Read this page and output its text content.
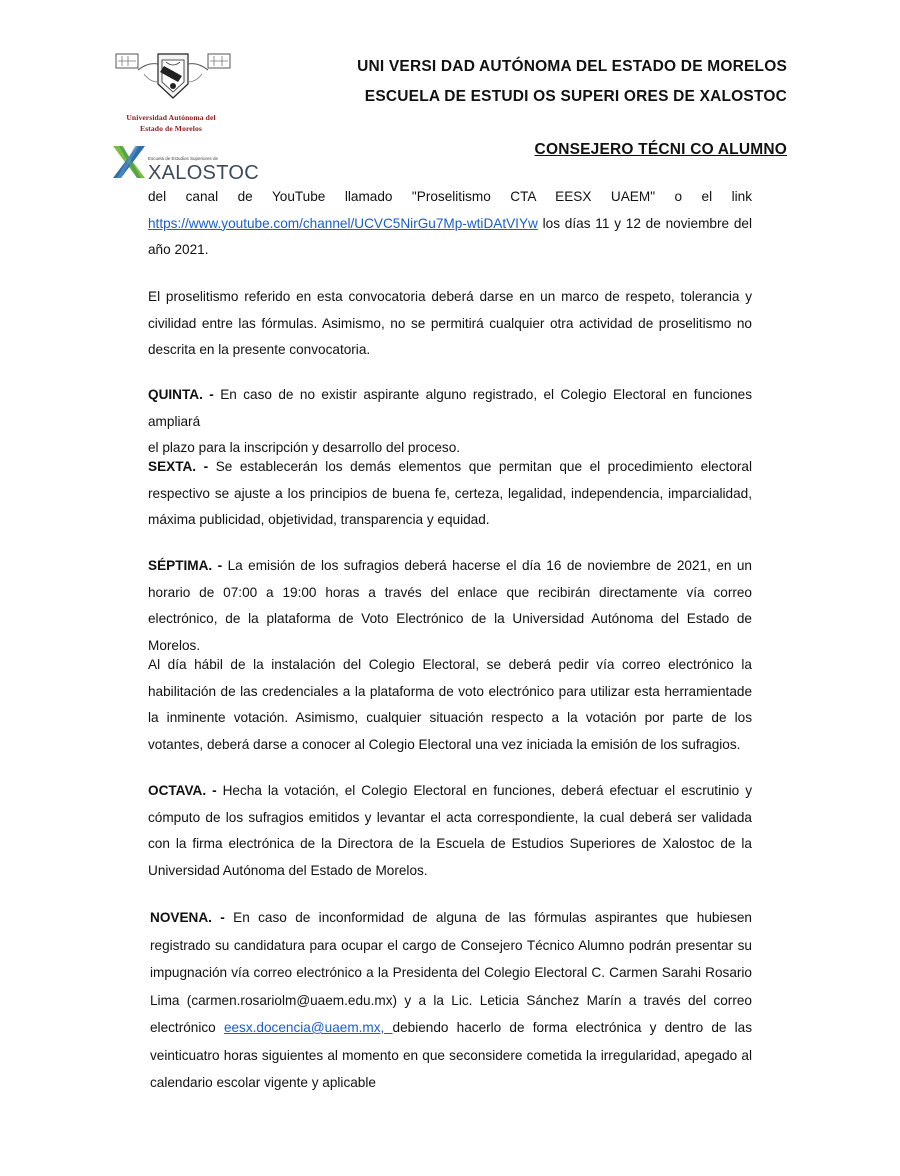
Universidad Autónoma del
Estado de Morelos
Escuela de Estudios Superiores de
XALOSTOC
UNI VERSI DAD AUTÓNOMA DEL ESTADO DE MORELOS
ESCUELA DE ESTUDI OS SUPERI ORES DE XALOSTOC
CONSEJERO TÉCNI CO ALUMNO

del canal de YouTube llamado "Proselitismo CTA EESX UAEM" o el link

https://www.youtube.com/channel/UCVC5NirGu7Mp-wtiDAtVIYw los días 11 y 12 de noviembre del

año 2021.

El proselitismo referido en esta convocatoria deberá darse en un marco de respeto, tolerancia y civilidad entre las fórmulas. Asimismo, no se permitirá cualquier otra actividad de proselitismo no descrita en la presente convocatoria.

QUINTA. - En caso de no existir aspirante alguno registrado, el Colegio Electoral en funciones ampliará

el plazo para la inscripción y desarrollo del proceso.

SEXTA. - Se establecerán los demás elementos que permitan que el procedimiento electoral respectivo se ajuste a los principios de buena fe, certeza, legalidad, independencia, imparcialidad, máxima publicidad, objetividad, transparencia y equidad.

SÉPTIMA. - La emisión de los sufragios deberá hacerse el día 16 de noviembre de 2021, en un horario de 07:00 a 19:00 horas a través del enlace que recibirán directamente vía correo electrónico, de la plataforma de Voto Electrónico de la Universidad Autónoma del Estado de Morelos.

Al día hábil de la instalación del Colegio Electoral, se deberá pedir vía correo electrónico la habilitación de las credenciales a la plataforma de voto electrónico para utilizar esta herramientade la inminente votación. Asimismo, cualquier situación respecto a la votación por parte de los votantes, deberá darse a conocer al Colegio Electoral una vez iniciada la emisión de los sufragios.

OCTAVA. - Hecha la votación, el Colegio Electoral en funciones, deberá efectuar el escrutinio y cómputo de los sufragios emitidos y levantar el acta correspondiente, la cual deberá ser validada con la firma electrónica de la Directora de la Escuela de Estudios Superiores de Xalostoc de la Universidad Autónoma del Estado de Morelos.

NOVENA. - En caso de inconformidad de alguna de las fórmulas aspirantes que hubiesen registrado su candidatura para ocupar el cargo de Consejero Técnico Alumno podrán presentar su impugnación vía correo electrónico a la Presidenta del Colegio Electoral C. Carmen Sarahi Rosario Lima (carmen.rosariolm@uaem.edu.mx) y a la Lic. Leticia Sánchez Marín a través del correo electrónico eesx.docencia@uaem.mx, debiendo hacerlo de forma electrónica y dentro de las veinticuatro horas siguientes al momento en que seconsidere cometida la irregularidad, apegado al calendario escolar vigente y aplicable
